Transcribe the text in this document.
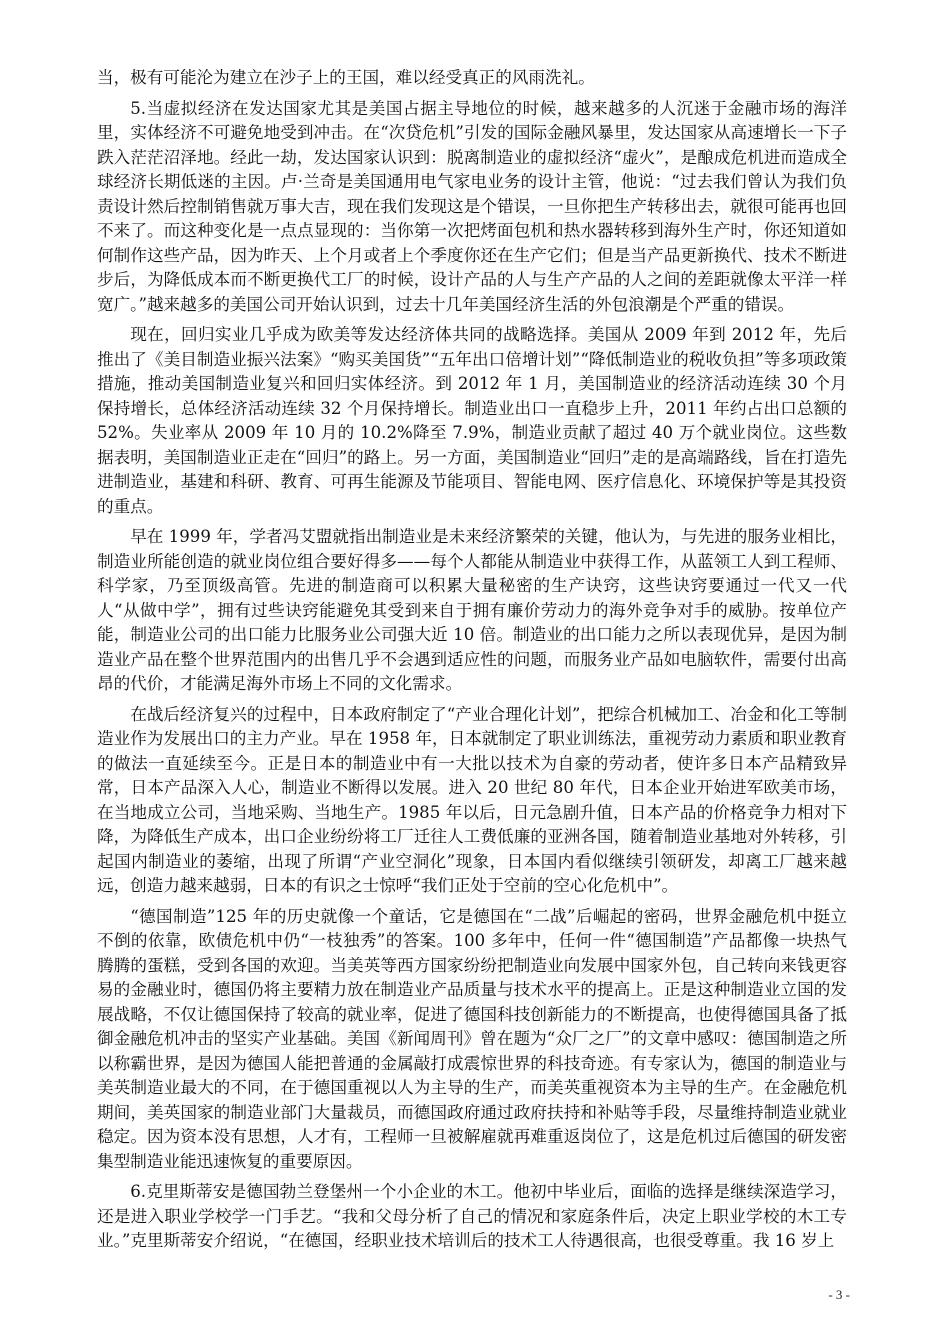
当，极有可能沦为建立在沙子上的王国，难以经受真正的风雨洗礼。

5.当虚拟经济在发达国家尤其是美国占据主导地位的时候，越来越多的人沉迷于金融市场的海洋里，实体经济不可避免地受到冲击。在“次贷危机”引发的国际金融风暴里，发达国家从高速增长一下子跌入茫茫沼泽地。经此一劫，发达国家认识到：脱离制造业的虚拟经济“虚火”，是酿成危机进而造成全球经济长期低迷的主因。卢·兰奇是美国通用电气家电业务的设计主管，他说：“过去我们曾认为我们负责设计然后控制销售就万事大吉，现在我们发现这是个错误，一旦你把生产转移出去，就很可能再也回不来了。而这种变化是一点点显现的：当你第一次把烤面包机和热水器转移到海外生产时，你还知道如何制作这些产品，因为昨天、上个月或者上个季度你还在生产它们；但是当产品更新换代、技术不断进步后，为降低成本而不断更换代工厂的时候，设计产品的人与生产产品的人之间的差距就像太平洋一样宽广。”越来越多的美国公司开始认识到，过去十几年美国经济生活的外包浪潮是个严重的错误。

现在，回归实业几乎成为欧美等发达经济体共同的战略选择。美国从 2009 年到 2012 年，先后推出了《美目制造业振兴法案》“购买美国货”“五年出口倍增计划”“降低制造业的税收负担”等多项政策措施，推动美国制造业复兴和回归实体经济。到 2012 年 1 月，美国制造业的经济活动连续 30 个月保持增长，总体经济活动连续 32 个月保持增长。制造业出口一直稳步上升，2011 年约占出口总额的52%。失业率从 2009 年 10 月的 10.2%降至 7.9%，制造业贡献了超过 40 万个就业岗位。这些数据表明，美国制造业正走在“回归”的路上。另一方面，美国制造业“回归”走的是高端路线，旨在打造先进制造业，基建和科研、教育、可再生能源及节能项目、智能电网、医疗信息化、环境保护等是其投资的重点。

早在 1999 年，学者冯艾盟就指出制造业是未来经济繁荣的关键，他认为，与先进的服务业相比，制造业所能创造的就业岗位组合要好得多——每个人都能从制造业中获得工作，从蓝领工人到工程师、科学家，乃至顶级高管。先进的制造商可以积累大量秘密的生产诀窍，这些诀窍要通过一代又一代人“从做中学”，拥有过些诀窍能避免其受到来自于拥有廉价劳动力的海外竞争对手的威胁。按单位产能，制造业公司的出口能力比服务业公司强大近 10 倍。制造业的出口能力之所以表现优异，是因为制造业产品在整个世界范围内的出售几乎不会遇到适应性的问题，而服务业产品如电脑软件，需要付出高昂的代价，才能满足海外市场上不同的文化需求。

在战后经济复兴的过程中，日本政府制定了“产业合理化计划”，把综合机械加工、冶金和化工等制造业作为发展出口的主力产业。早在 1958 年，日本就制定了职业训练法，重视劳动力素质和职业教育的做法一直延续至今。正是日本的制造业中有一大批以技术为自豪的劳动者，使许多日本产品精致异常，日本产品深入人心，制造业不断得以发展。进入 20 世纪 80 年代，日本企业开始进军欧美市场，在当地成立公司，当地采购、当地生产。1985 年以后，日元急剧升值，日本产品的价格竞争力相对下降，为降低生产成本，出口企业纷纷将工厂迁往人工费低廉的亚洲各国，随着制造业基地对外转移，引起国内制造业的萎缩，出现了所谓“产业空洞化”现象，日本国内看似继续引领研发，却离工厂越来越远，创造力越来越弱，日本的有识之士惊呼“我们正处于空前的空心化危机中”。

“德国制造”125 年的历史就像一个童话，它是德国在“二战”后崛起的密码，世界金融危机中挺立不倒的依靠，欧债危机中仍“一枝独秀”的答案。100 多年中，任何一件“德国制造”产品都像一块热气腾腾的蛋糕，受到各国的欢迎。当美英等西方国家纷纷把制造业向发展中国家外包，自己转向来钱更容易的金融业时，德国仍将主要精力放在制造业产品质量与技术水平的提高上。正是这种制造业立国的发展战略，不仅让德国保持了较高的就业率，促进了德国科技创新能力的不断提高，也使得德国具备了抵御金融危机冲击的坚实产业基础。美国《新闻周刊》曾在题为“众厂之厂”的文章中感叹：德国制造之所以称霸世界，是因为德国人能把普通的金属敲打成震惊世界的科技奇迹。有专家认为，德国的制造业与美英制造业最大的不同，在于德国重视以人为主导的生产，而美英重视资本为主导的生产。在金融危机期间，美英国家的制造业部门大量裁员，而德国政府通过政府扶持和补贴等手段，尽量维持制造业就业稳定。因为资本没有思想，人才有，工程师一旦被解雇就再难重返岗位了，这是危机过后德国的研发密集型制造业能迅速恢复的重要原因。

6.克里斯蒂安是德国勃兰登堡州一个小企业的木工。他初中毕业后，面临的选择是继续深造学习，还是进入职业学校学一门手艺。“我和父母分析了自己的情况和家庭条件后，决定上职业学校的木工专业。”克里斯蒂安介绍说，“在德国，经职业技术培训后的技术工人待遇很高，也很受尊重。我 16 岁上

- 3 -
